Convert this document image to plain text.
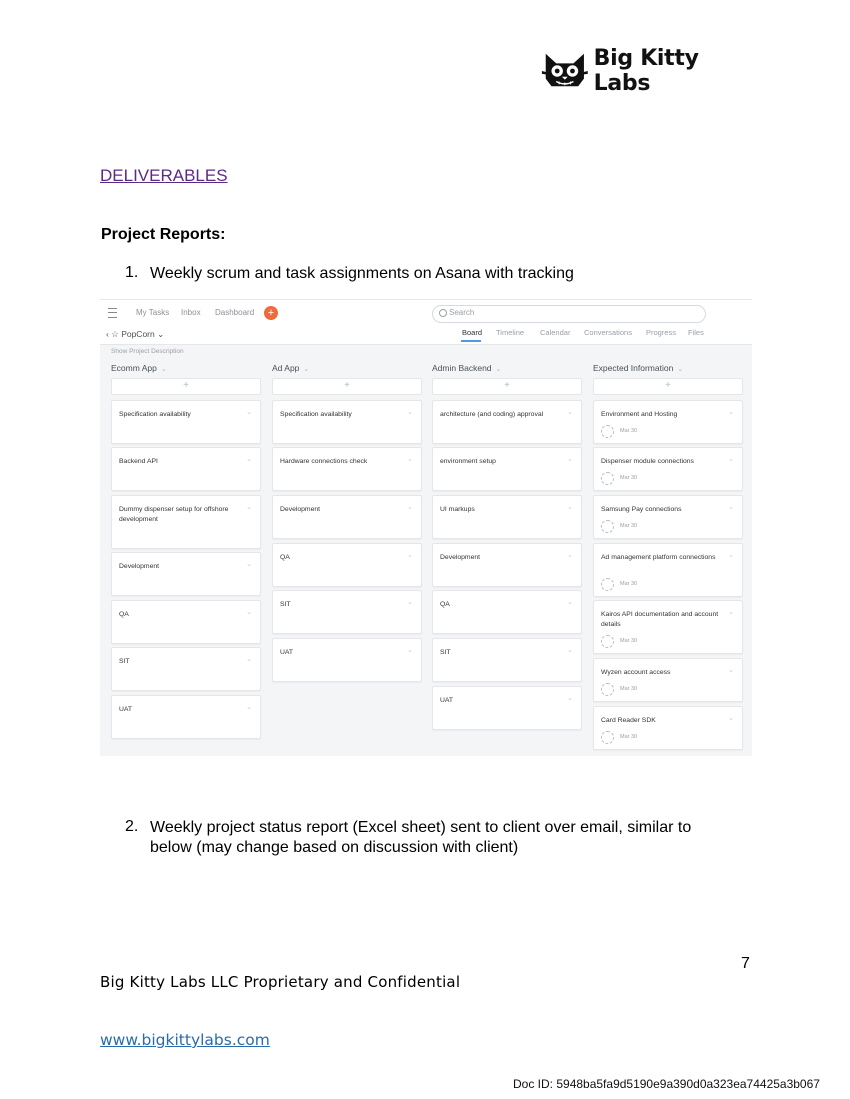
Big Kitty Labs
DELIVERABLES
Project Reports:
1. Weekly scrum and task assignments on Asana with tracking
My Tasks Inbox Dashboard	+	Search
‹ ☆ PopCorn ⌄	Board Timeline Calendar Conversations Progress Files
Show Project Description
Ecomm App ⌄
+
Specification availability	⌄
Backend API	⌄
Dummy dispenser setup for offshore development
⌄
Development	⌄
QA	⌄
SIT	⌄
UAT	⌄
Ad App ⌄
+
Specification availability	⌄
Hardware connections check	⌄
Development	⌄
QA	⌄
SIT	⌄
UAT	⌄
Admin Backend ⌄
+
architecture (and coding) approval	⌄
environment setup	⌄
UI markups	⌄
Development	⌄
QA	⌄
SIT	⌄
UAT	⌄
Expected Information ⌄
+
Environment and Hosting	⌄
Mar 30
Dispenser module connections	⌄
Mar 30
Samsung Pay connections	⌄
Mar 30
Ad management platform connections	⌄
Mar 30
Kairos API documentation and account details
⌄
Mar 30
Wyzen account access	⌄
Mar 30
Card Reader SDK	⌄
Mar 30
2. Weekly project status report (Excel sheet) sent to client over email, similar to
below (may change based on discussion with client)
7
Big Kitty Labs LLC Proprietary and Confidential
www.bigkittylabs.com
Doc ID: 5948ba5fa9d5190e9a390d0a323ea74425a3b067
